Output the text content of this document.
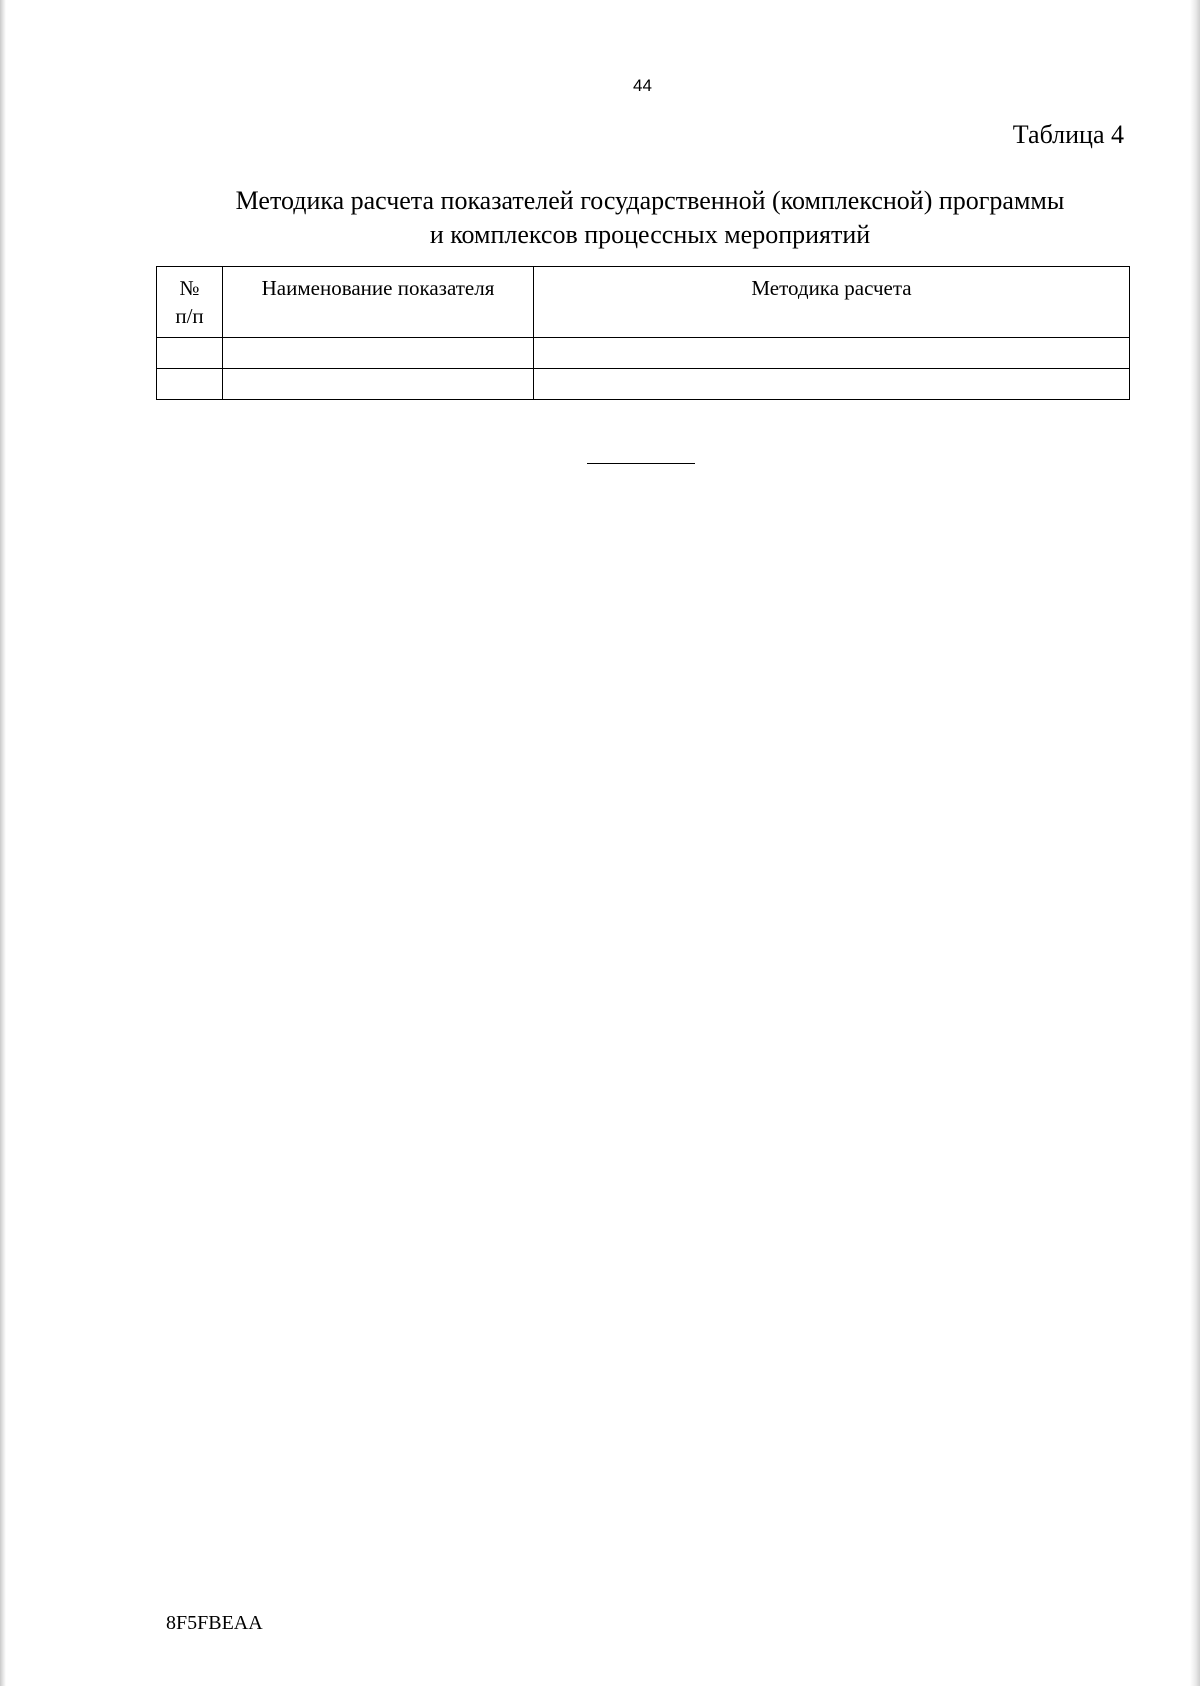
44
Таблица 4
Методика расчета показателей государственной (комплексной) программы
и комплексов процессных мероприятий
№
п/п	Наименование показателя	Методика расчета

8F5FBEAA
